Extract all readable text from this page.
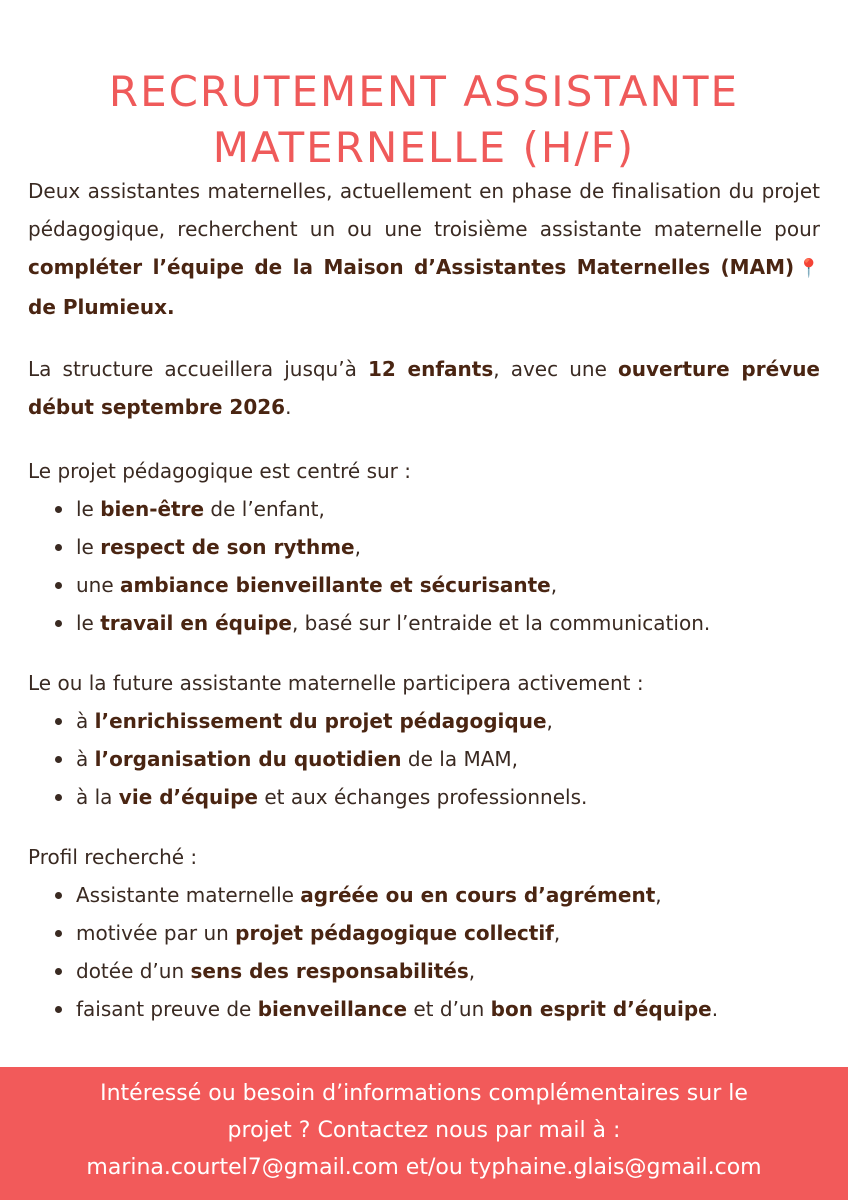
RECRUTEMENT ASSISTANTE
MATERNELLE (H/F)

Deux assistantes maternelles, actuellement en phase de finalisation du projet pédagogique, recherchent un ou une troisième assistante maternelle pour compléter l’équipe de la Maison d’Assistantes Maternelles (MAM)📍de Plumieux.

La structure accueillera jusqu’à 12 enfants, avec une ouverture prévue début septembre 2026.

Le projet pédagogique est centré sur :

le bien-être de l’enfant,
le respect de son rythme,
une ambiance bienveillante et sécurisante,
le travail en équipe, basé sur l’entraide et la communication.

Le ou la future assistante maternelle participera activement :

à l’enrichissement du projet pédagogique,
à l’organisation du quotidien de la MAM,
à la vie d’équipe et aux échanges professionnels.

Profil recherché :

Assistante maternelle agréée ou en cours d’agrément,
motivée par un projet pédagogique collectif,
dotée d’un sens des responsabilités,
faisant preuve de bienveillance et d’un bon esprit d’équipe.
Intéressé ou besoin d’informations complémentaires sur le
projet ? Contactez nous par mail à :
marina.courtel7@gmail.com et/ou typhaine.glais@gmail.com
